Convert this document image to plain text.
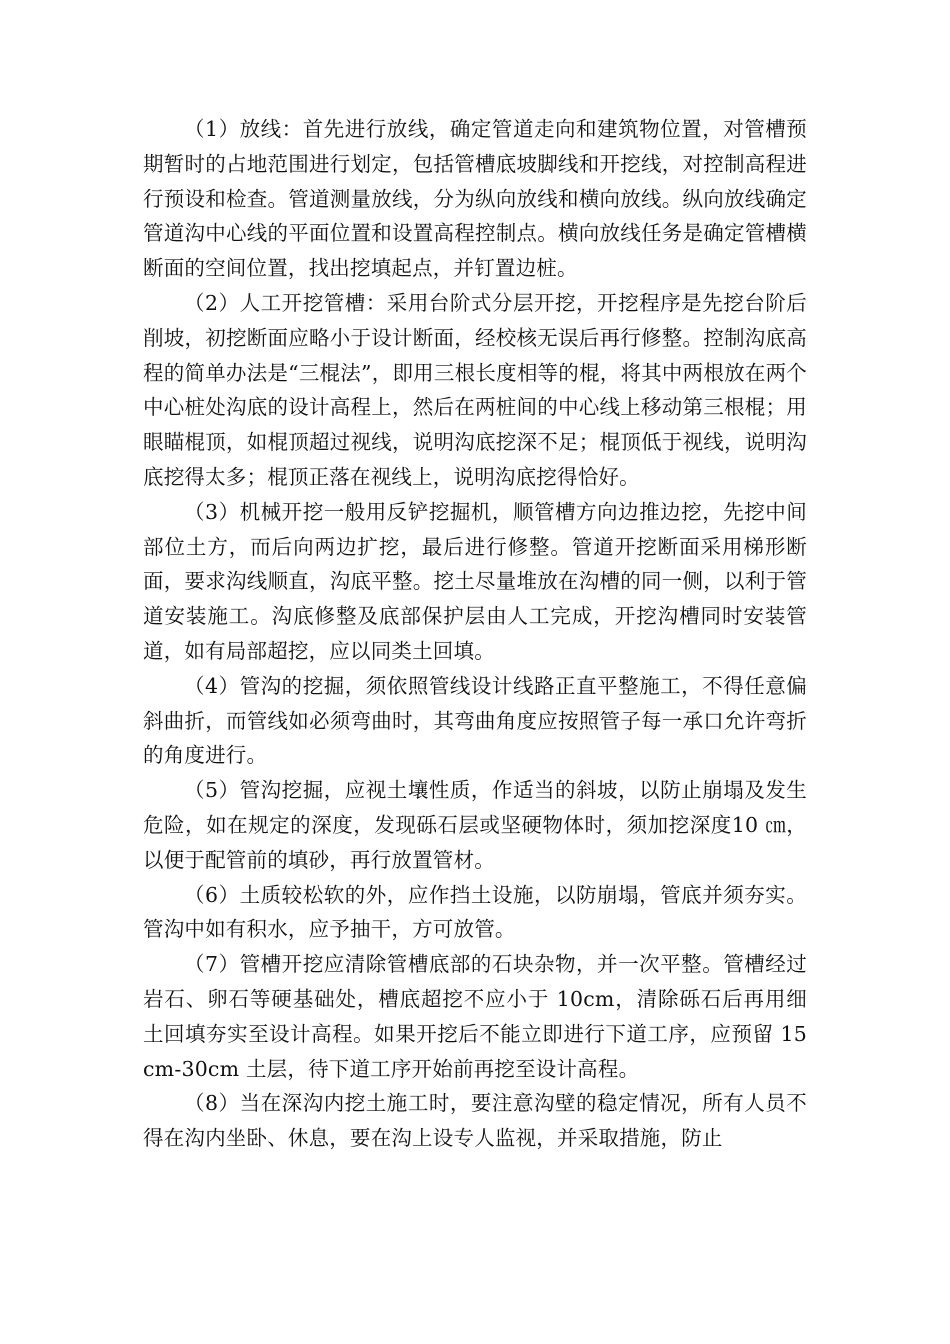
（1）放线：首先进行放线，确定管道走向和建筑物位置，对管槽预期暂时的占地范围进行划定，包括管槽底坡脚线和开挖线，对控制高程进行预设和检查。管道测量放线，分为纵向放线和横向放线。纵向放线确定管道沟中心线的平面位置和设置高程控制点。横向放线任务是确定管槽横断面的空间位置，找出挖填起点，并钉置边桩。

（2）人工开挖管槽：采用台阶式分层开挖，开挖程序是先挖台阶后削坡，初挖断面应略小于设计断面，经校核无误后再行修整。控制沟底高程的简单办法是“三棍法”，即用三根长度相等的棍，将其中两根放在两个中心桩处沟底的设计高程上，然后在两桩间的中心线上移动第三根棍；用眼瞄棍顶，如棍顶超过视线，说明沟底挖深不足；棍顶低于视线，说明沟底挖得太多；棍顶正落在视线上，说明沟底挖得恰好。

（3）机械开挖一般用反铲挖掘机，顺管槽方向边推边挖，先挖中间部位土方，而后向两边扩挖，最后进行修整。管道开挖断面采用梯形断面，要求沟线顺直，沟底平整。挖土尽量堆放在沟槽的同一侧，以利于管道安装施工。沟底修整及底部保护层由人工完成，开挖沟槽同时安装管道，如有局部超挖，应以同类土回填。

（4）管沟的挖掘，须依照管线设计线路正直平整施工，不得任意偏斜曲折，而管线如必须弯曲时，其弯曲角度应按照管子每一承口允许弯折的角度进行。

（5）管沟挖掘，应视土壤性质，作适当的斜坡，以防止崩塌及发生危险，如在规定的深度，发现砾石层或坚硬物体时，须加挖深度10 ㎝，以便于配管前的填砂，再行放置管材。

（6）土质较松软的外，应作挡土设施，以防崩塌，管底并须夯实。管沟中如有积水，应予抽干，方可放管。

（7）管槽开挖应清除管槽底部的石块杂物，并一次平整。管槽经过岩石、卵石等硬基础处，槽底超挖不应小于 10cm，清除砾石后再用细土回填夯实至设计高程。如果开挖后不能立即进行下道工序，应预留 15cm-30cm 土层，待下道工序开始前再挖至设计高程。

（8）当在深沟内挖土施工时，要注意沟壁的稳定情况，所有人员不得在沟内坐卧、休息，要在沟上设专人监视，并采取措施，防止
